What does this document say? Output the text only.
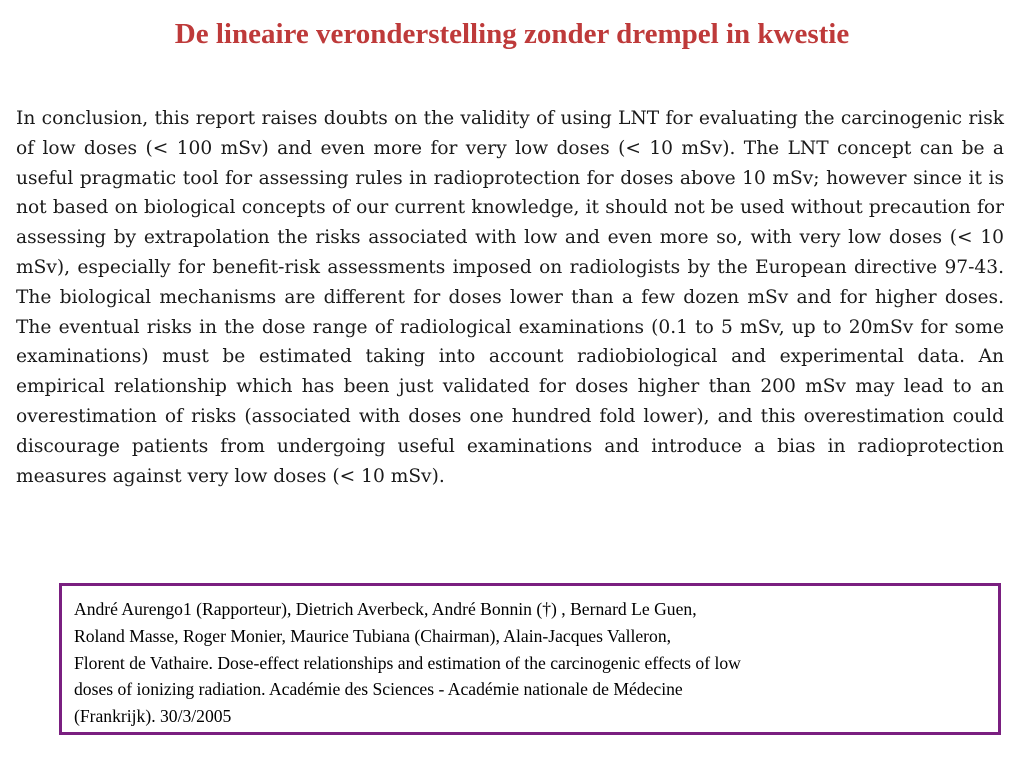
De lineaire veronderstelling zonder drempel in kwestie

In conclusion, this report raises doubts on the validity of using LNT for evaluating the carcinogenic risk of low doses (< 100 mSv) and even more for very low doses (< 10 mSv). The LNT concept can be a useful pragmatic tool for assessing rules in radioprotection for doses above 10 mSv; however since it is not based on biological concepts of our current knowledge, it should not be used without precaution for assessing by extrapolation the risks associated with low and even more so, with very low doses (< 10 mSv), especially for benefit-risk assessments imposed on radiologists by the European directive 97-43. The biological mechanisms are different for doses lower than a few dozen mSv and for higher doses. The eventual risks in the dose range of radiological examinations (0.1 to 5 mSv, up to 20mSv for some examinations) must be estimated taking into account radiobiological and experimental data. An empirical relationship which has been just validated for doses higher than 200 mSv may lead to an overestimation of risks (associated with doses one hundred fold lower), and this overestimation could discourage patients from undergoing useful examinations and introduce a bias in radioprotection measures against very low doses (< 10 mSv).

André Aurengo1 (Rapporteur), Dietrich Averbeck, André Bonnin (†) , Bernard Le Guen,
Roland Masse, Roger Monier, Maurice Tubiana (Chairman), Alain-Jacques Valleron,
Florent de Vathaire. Dose-effect relationships and estimation of the carcinogenic effects of low
doses of ionizing radiation. Académie des Sciences - Académie nationale de Médecine
(Frankrijk). 30/3/2005
